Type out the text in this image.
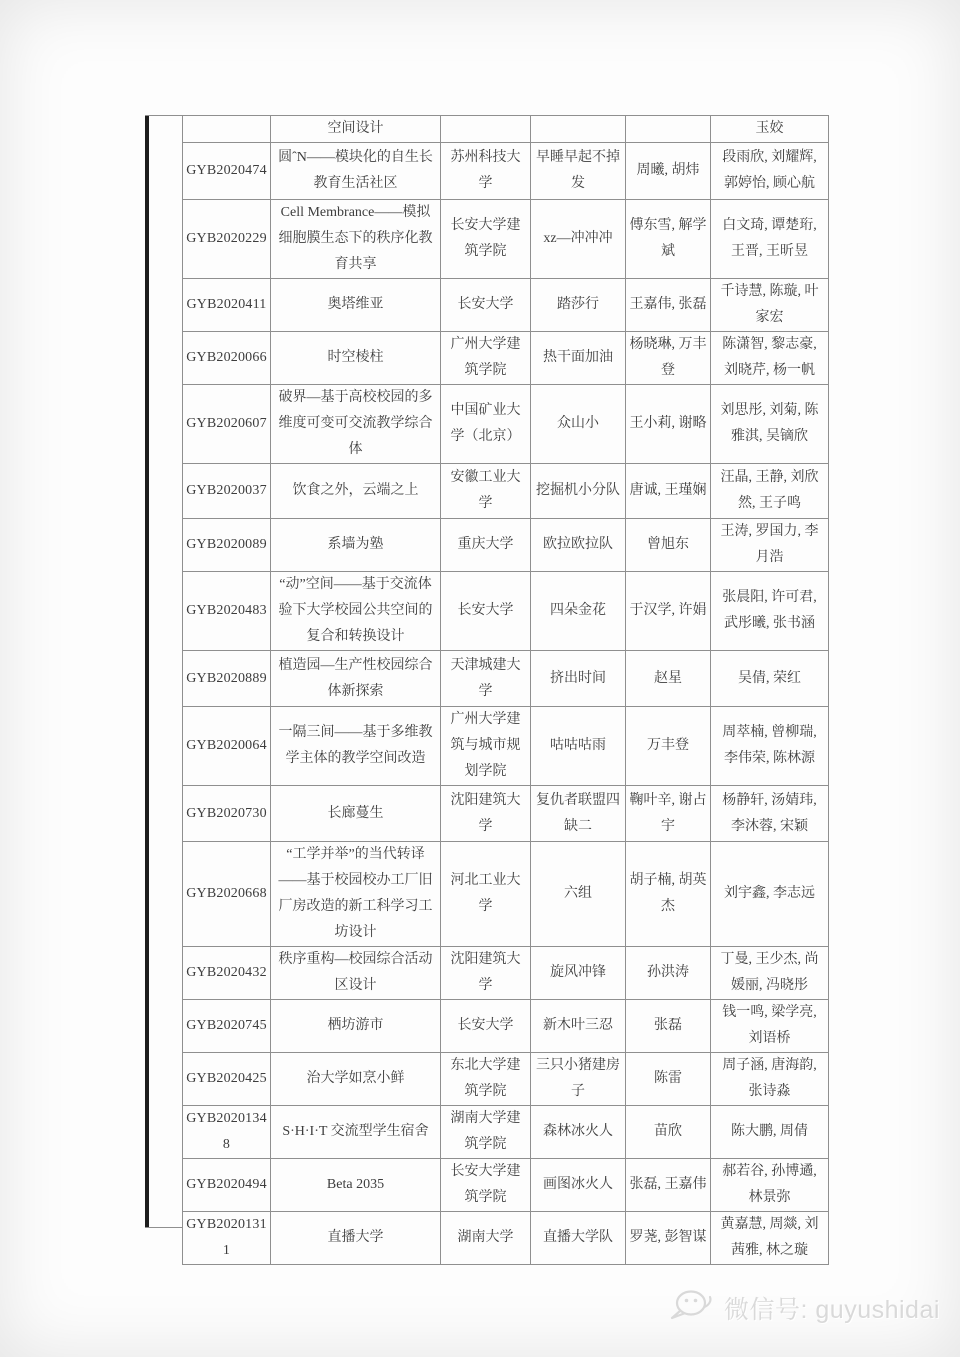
	空间设计				玉姣
GYB2020474	圆ˆN——模块化的自生长教育生活社区	苏州科技大学	早睡早起不掉发	周曦, 胡炜	段雨欣, 刘耀辉, 郭婷怡, 顾心航
GYB2020229	Cell Membrance——模拟细胞膜生态下的秩序化教育共享	长安大学建筑学院	xz—冲冲冲	傅东雪, 解学斌	白文琦, 谭楚珩, 王晋, 王昕昱
GYB2020411	奥塔维亚	长安大学	踏莎行	王嘉伟, 张磊	千诗慧, 陈璇, 叶家宏
GYB2020066	时空棱柱	广州大学建筑学院	热干面加油	杨晓琳, 万丰登	陈潇智, 黎志豪, 刘晓芹, 杨一帆
GYB2020607	破界—基于高校校园的多维度可变可交流教学综合体	中国矿业大学（北京）	众山小	王小莉, 谢略	刘思彤, 刘菊, 陈雅淇, 吴镝欣
GYB2020037	饮食之外，云端之上	安徽工业大学	挖掘机小分队	唐诚, 王瑾娴	汪晶, 王静, 刘欣然, 王子鸣
GYB2020089	系墙为塾	重庆大学	欧拉欧拉队	曾旭东	王涛, 罗国力, 李月浩
GYB2020483	“动”空间——基于交流体验下大学校园公共空间的复合和转换设计	长安大学	四朵金花	于汉学, 许娟	张晨阳, 许可君, 武彤曦, 张书涵
GYB2020889	植造园—生产性校园综合体新探索	天津城建大学	挤出时间	赵星	吴倩, 荣红
GYB2020064	一隔三间——基于多维教学主体的教学空间改造	广州大学建筑与城市规划学院	咕咕咕雨	万丰登	周萃楠, 曾柳瑞, 李伟荣, 陈林源
GYB2020730	长廊蔓生	沈阳建筑大学	复仇者联盟四缺二	鞠叶辛, 谢占宇	杨静轩, 汤婧玮, 李沐蓉, 宋颖
GYB2020668	“工学并举”的当代转译——基于校园校办工厂旧厂房改造的新工科学习工坊设计	河北工业大学	六组	胡子楠, 胡英杰	刘宇鑫, 李志远
GYB2020432	秩序重构—校园综合活动区设计	沈阳建筑大学	旋风冲锋	孙洪涛	丁曼, 王少杰, 尚媛丽, 冯晓彤
GYB2020745	栖坊游市	长安大学	新木叶三忍	张磊	钱一鸣, 梁学亮, 刘语桥
GYB2020425	治大学如烹小鲜	东北大学建筑学院	三只小猪建房子	陈雷	周子涵, 唐海韵, 张诗淼
GYB20201348	S·H·I·T 交流型学生宿舍	湖南大学建筑学院	森林冰火人	苗欣	陈大鹏, 周倩
GYB2020494	Beta 2035	长安大学建筑学院	画图冰火人	张磊, 王嘉伟	郝若谷, 孙博遹, 林景弥
GYB20201311	直播大学	湖南大学	直播大学队	罗荛, 彭智谋	黄嘉慧, 周燚, 刘茜雅, 林之璇
微信号: guyushidai
